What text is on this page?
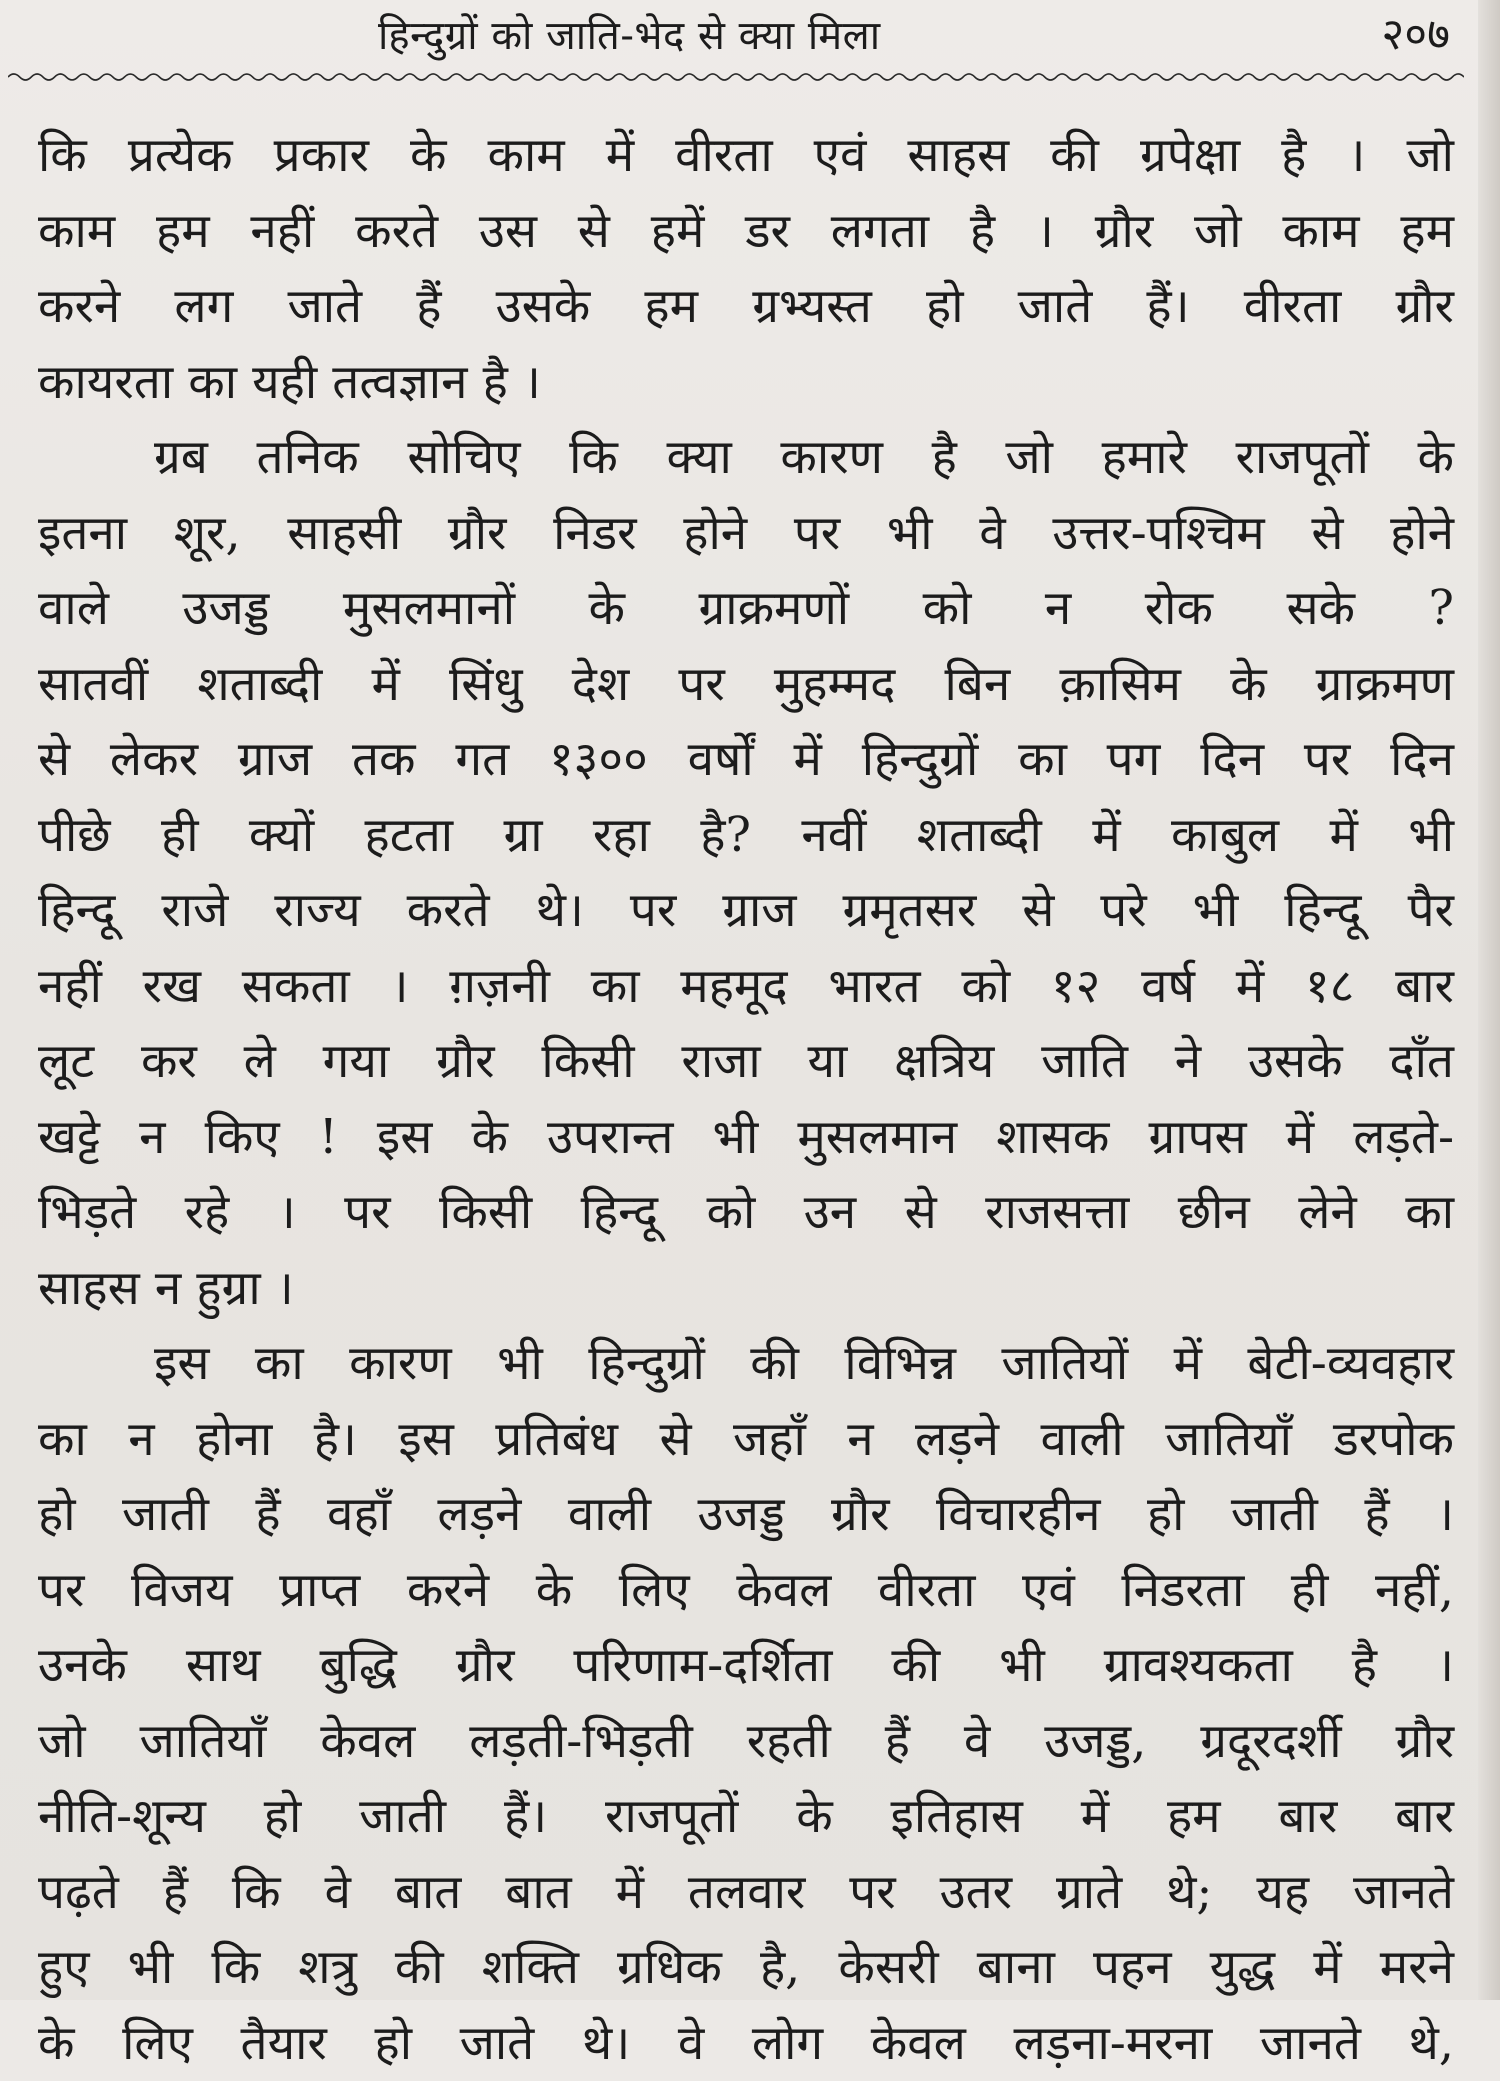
हिन्दुग्रों को जाति-भेद से क्या मिला	२०७
कि प्रत्येक प्रकार के काम में वीरता एवं साहस की ग्रपेक्षा है । जो
काम हम नहीं करते उस से हमें डर लगता है । ग्रौर जो काम हम
करने लग जाते हैं उसके हम ग्रभ्यस्त हो जाते हैं। वीरता ग्रौर
कायरता का यही तत्वज्ञान है ।
ग्रब तनिक सोचिए कि क्या कारण है जो हमारे राजपूतों के
इतना शूर, साहसी ग्रौर निडर होने पर भी वे उत्तर-पश्चिम से होने
वाले उजड्ड मुसलमानों के ग्राक्रमणों को न रोक सके ?
सातवीं शताब्दी में सिंधु देश पर मुहम्मद बिन क़ासिम के ग्राक्रमण
से लेकर ग्राज तक गत १३०० वर्षों में हिन्दुग्रों का पग दिन पर दिन
पीछे ही क्यों हटता ग्रा रहा है? नवीं शताब्दी में काबुल में भी
हिन्दू राजे राज्य करते थे। पर ग्राज ग्रमृतसर से परे भी हिन्दू पैर
नहीं रख सकता । ग़ज़नी का महमूद भारत को १२ वर्ष में १८ बार
लूट कर ले गया ग्रौर किसी राजा या क्षत्रिय जाति ने उसके दाँत
खट्टे न किए ! इस के उपरान्त भी मुसलमान शासक ग्रापस में लड़ते-
भिड़ते रहे । पर किसी हिन्दू को उन से राजसत्ता छीन लेने का
साहस न हुग्रा ।
इस का कारण भी हिन्दुग्रों की विभिन्न जातियों में बेटी-व्यवहार
का न होना है। इस प्रतिबंध से जहाँ न लड़ने वाली जातियाँ डरपोक
हो जाती हैं वहाँ लड़ने वाली उजड्ड ग्रौर विचारहीन हो जाती हैं ।
पर विजय प्राप्त करने के लिए केवल वीरता एवं निडरता ही नहीं,
उनके साथ बुद्धि ग्रौर परिणाम-दर्शिता की भी ग्रावश्यकता है ।
जो जातियाँ केवल लड़ती-भिड़ती रहती हैं वे उजड्ड, ग्रदूरदर्शी ग्रौर
नीति-शून्य हो जाती हैं। राजपूतों के इतिहास में हम बार बार
पढ़ते हैं कि वे बात बात में तलवार पर उतर ग्राते थे; यह जानते
हुए भी कि शत्रु की शक्ति ग्रधिक है, केसरी बाना पहन युद्ध में मरने
के लिए तैयार हो जाते थे। वे लोग केवल लड़ना-मरना जानते थे,
